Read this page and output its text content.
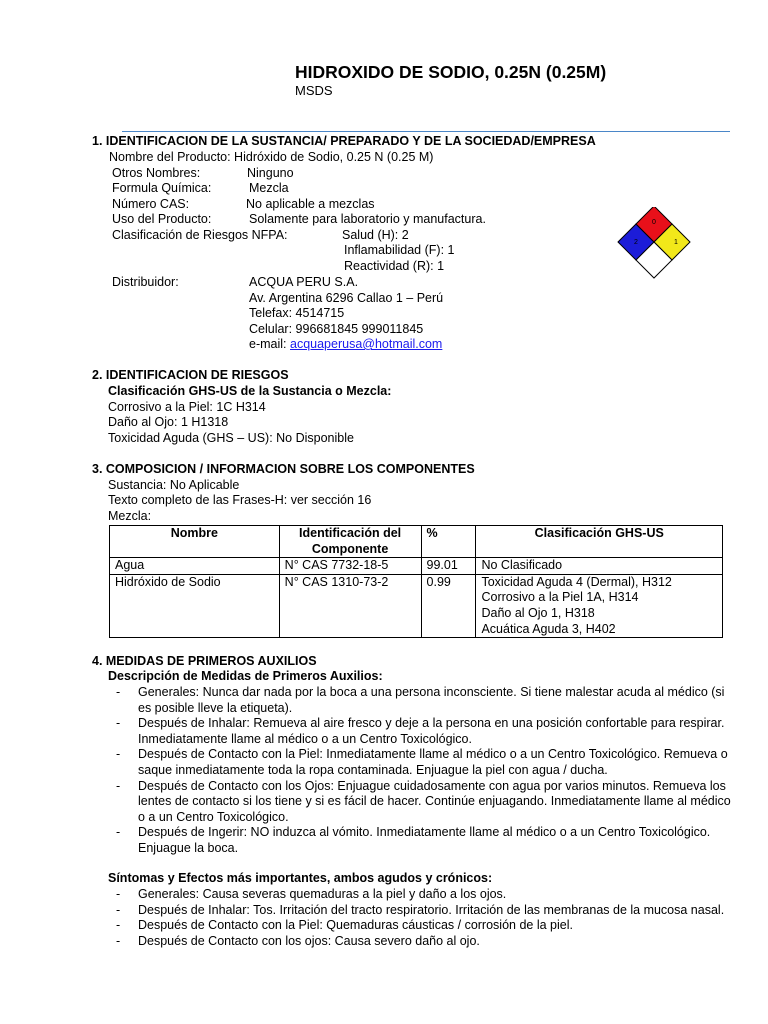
HIDROXIDO DE SODIO, 0.25N (0.25M)
MSDS
1. IDENTIFICACION DE LA SUSTANCIA/ PREPARADO Y DE LA SOCIEDAD/EMPRESA
Nombre del Producto: Hidróxido de Sodio, 0.25 N (0.25 M)
Otros Nombres:	Ninguno
Formula Química:	Mezcla
Número CAS:	No aplicable a mezclas
Uso del Producto:	Solamente para laboratorio y manufactura.
Clasificación de Riesgos NFPA:	Salud (H): 2
Inflamabilidad (F): 1
Reactividad (R): 1
Distribuidor:	ACQUA PERU S.A.
Av. Argentina 6296 Callao 1 – Perú
Telefax: 4514715
Celular: 996681845 999011845
e-mail: acquaperusa@hotmail.com
0
2	1
2. IDENTIFICACION DE RIESGOS
Clasificación GHS-US de la Sustancia o Mezcla:
Corrosivo a la Piel: 1C H314
Daño al Ojo: 1 H1318
Toxicidad Aguda (GHS – US): No Disponible
3. COMPOSICION / INFORMACION SOBRE LOS COMPONENTES
Sustancia: No Aplicable
Texto completo de las Frases-H: ver sección 16
Mezcla:
Nombre	Identificación del Componente	%	Clasificación GHS-US
Agua	N° CAS 7732-18-5	99.01	No Clasificado
Hidróxido de Sodio	N° CAS 1310-73-2	0.99	Toxicidad Aguda 4 (Dermal), H312
Corrosivo a la Piel 1A, H314
Daño al Ojo 1, H318
Acuática Aguda 3, H402
4. MEDIDAS DE PRIMEROS AUXILIOS
Descripción de Medidas de Primeros Auxilios:
- Generales: Nunca dar nada por la boca a una persona inconsciente. Si tiene malestar acuda al médico (si es posible lleve la etiqueta).
- Después de Inhalar: Remueva al aire fresco y deje a la persona en una posición confortable para respirar. Inmediatamente llame al médico o a un Centro Toxicológico.
- Después de Contacto con la Piel: Inmediatamente llame al médico o a un Centro Toxicológico. Remueva o saque inmediatamente toda la ropa contaminada. Enjuague la piel con agua / ducha.
- Después de Contacto con los Ojos: Enjuague cuidadosamente con agua por varios minutos. Remueva los lentes de contacto si los tiene y si es fácil de hacer. Continúe enjuagando. Inmediatamente llame al médico o a un Centro Toxicológico.
- Después de Ingerir: NO induzca al vómito. Inmediatamente llame al médico o a un Centro Toxicológico. Enjuague la boca.
Síntomas y Efectos más importantes, ambos agudos y crónicos:
- Generales: Causa severas quemaduras a la piel y daño a los ojos.
- Después de Inhalar: Tos. Irritación del tracto respiratorio. Irritación de las membranas de la mucosa nasal.
- Después de Contacto con la Piel: Quemaduras cáusticas / corrosión de la piel.
- Después de Contacto con los ojos: Causa severo daño al ojo.
